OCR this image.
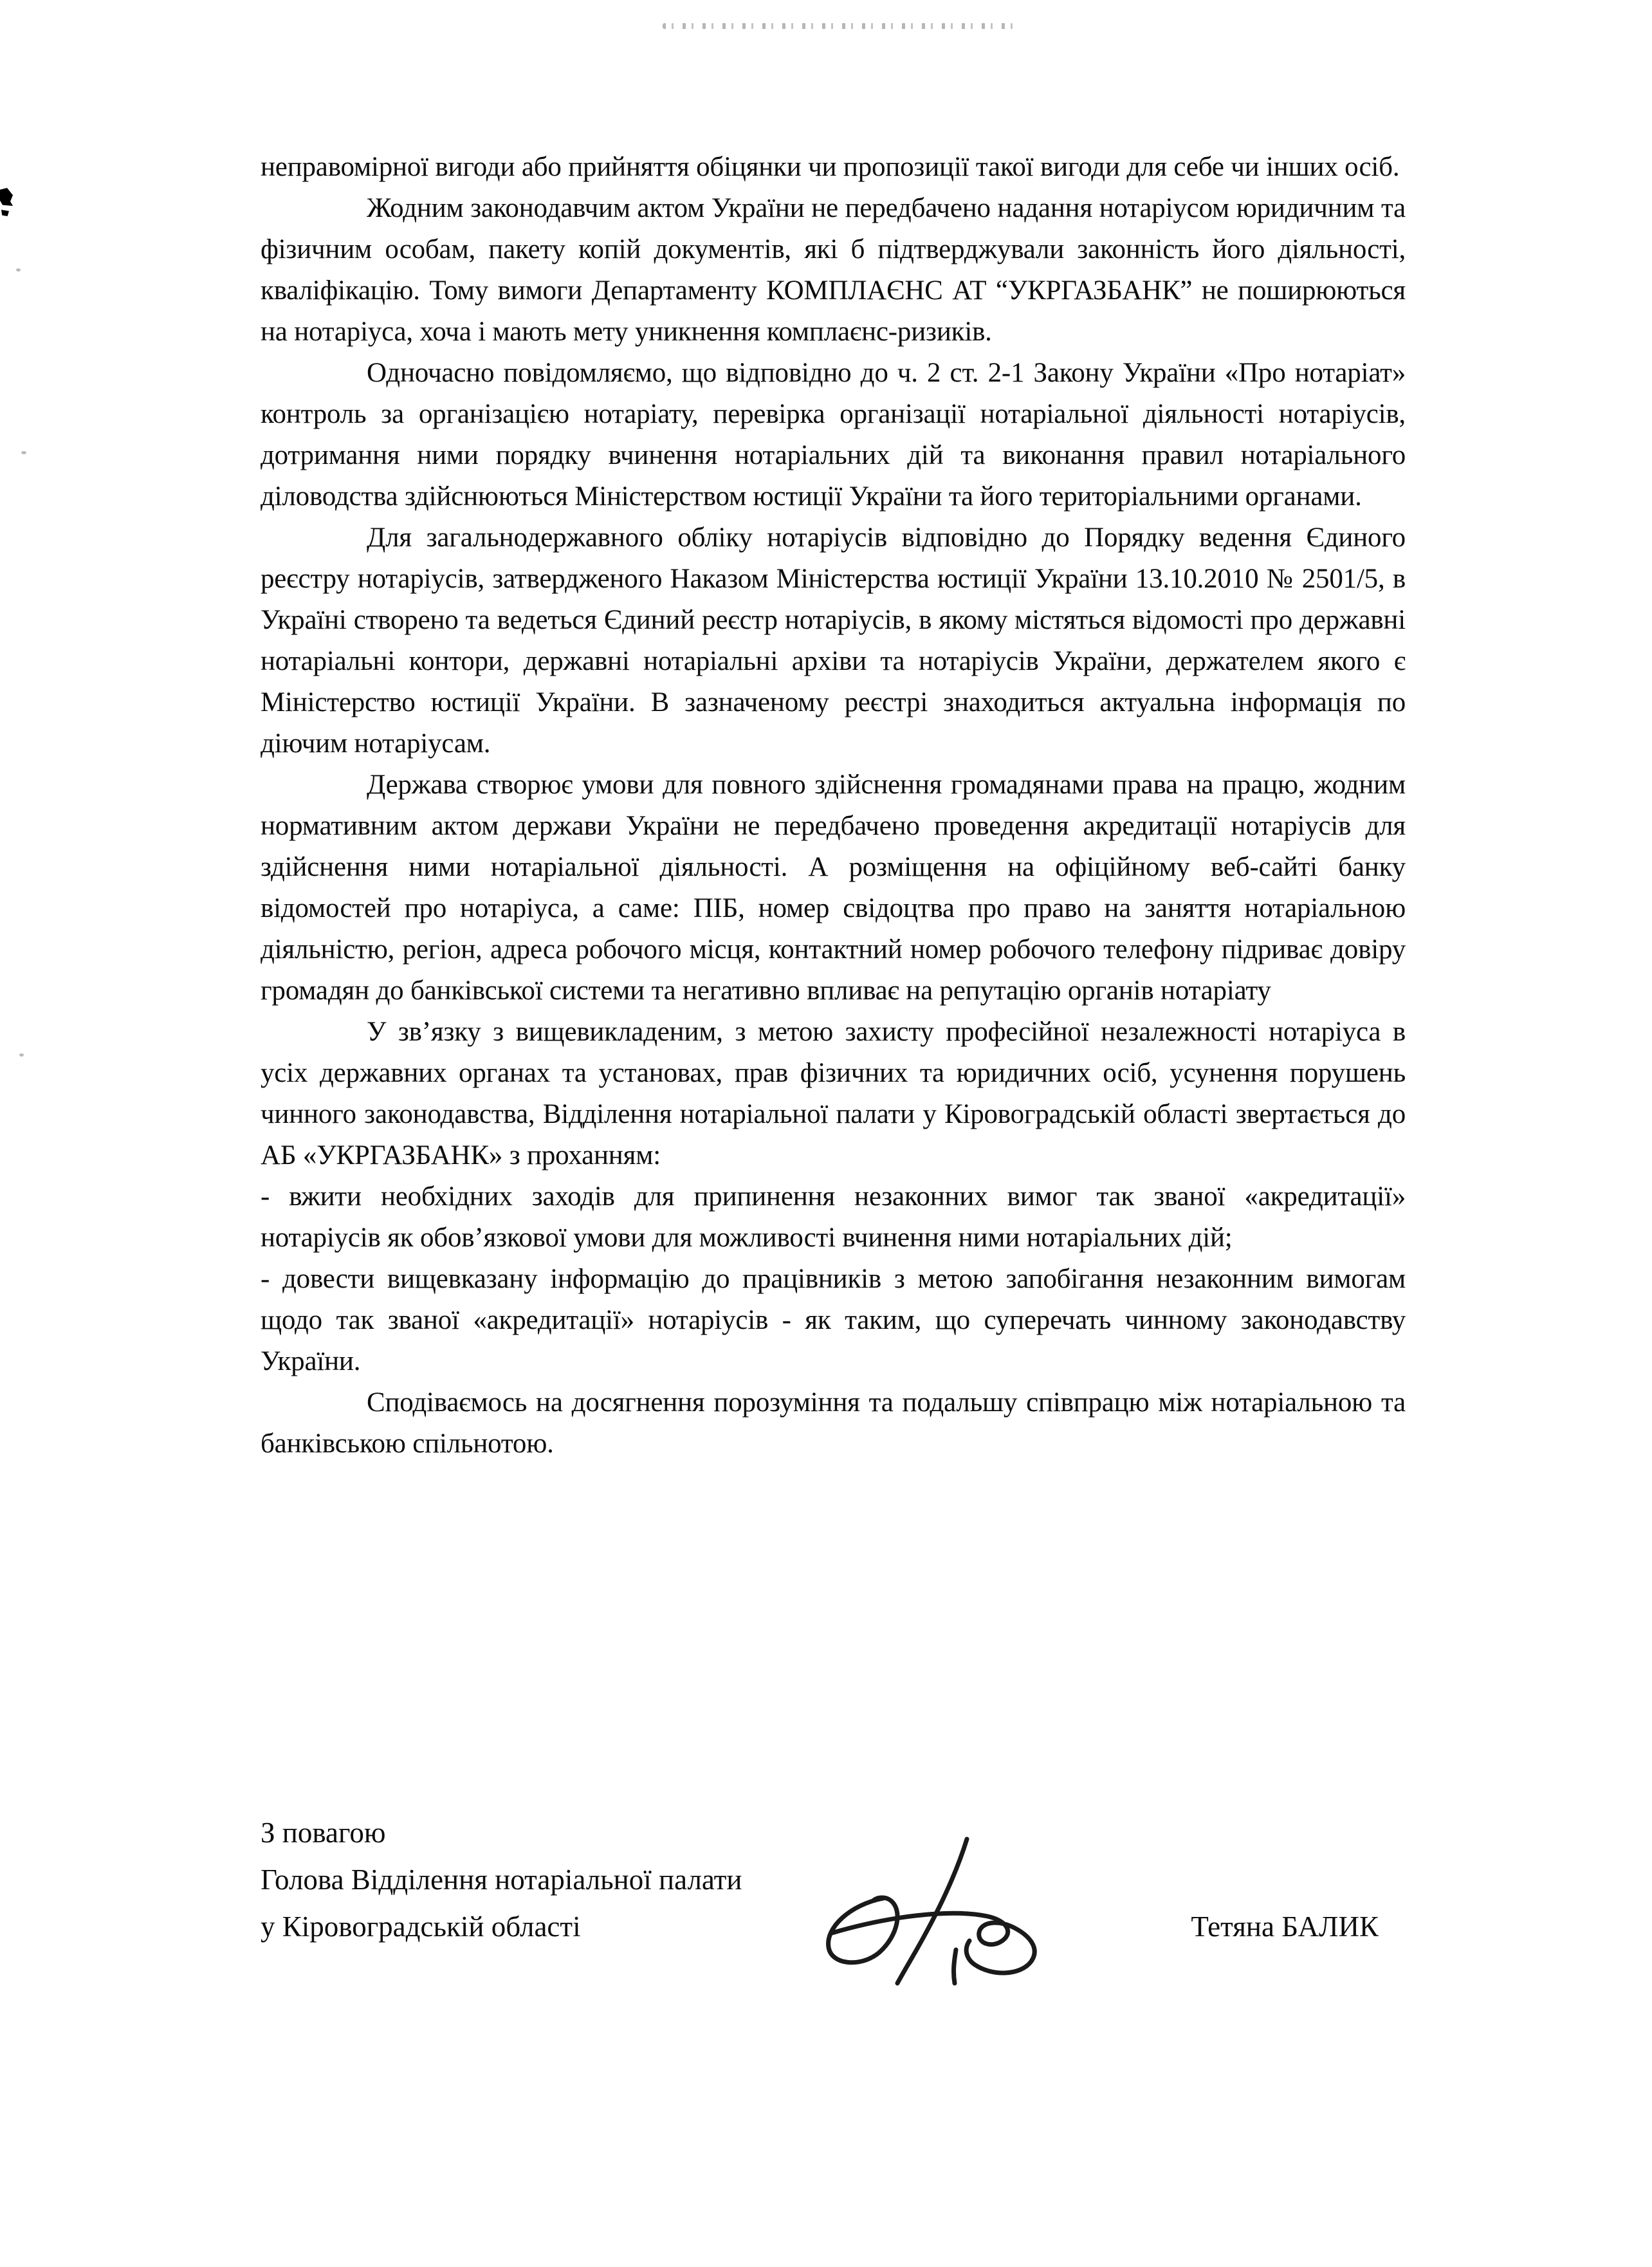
неправомірної вигоди або прийняття обіцянки чи пропозиції такої вигоди для себе чи інших осіб.

Жодним законодавчим актом України не передбачено надання нотаріусом юридичним та фізичним особам, пакету копій документів, які б підтверджували законність його діяльності, кваліфікацію. Тому вимоги Департаменту КОМПЛАЄНС АТ “УКРГАЗБАНК” не поширюються на нотаріуса, хоча і мають мету уникнення комплаєнс-ризиків.

Одночасно повідомляємо, що відповідно до ч. 2 ст. 2-1 Закону України «Про нотаріат» контроль за організацією нотаріату, перевірка організації нотаріальної діяльності нотаріусів, дотримання ними порядку вчинення нотаріальних дій та виконання правил нотаріального діловодства здійснюються Міністерством юстиції України та його територіальними органами.

Для загальнодержавного обліку нотаріусів відповідно до Порядку ведення Єдиного реєстру нотаріусів, затвердженого Наказом Міністерства юстиції України 13.10.2010 № 2501/5, в Україні створено та ведеться Єдиний реєстр нотаріусів, в якому містяться відомості про державні нотаріальні контори, державні нотаріальні архіви та нотаріусів України, держателем якого є Міністерство юстиції України. В зазначеному реєстрі знаходиться актуальна інформація по діючим нотаріусам.

Держава створює умови для повного здійснення громадянами права на працю, жодним нормативним актом держави України не передбачено проведення акредитації нотаріусів для здійснення ними нотаріальної діяльності. А розміщення на офіційному веб-сайті банку відомостей про нотаріуса, а саме: ПІБ, номер свідоцтва про право на заняття нотаріальною діяльністю, регіон, адреса робочого місця, контактний номер робочого телефону підриває довіру громадян до банківської системи та негативно впливає на репутацію органів нотаріату

У зв’язку з вищевикладеним, з метою захисту професійної незалежності нотаріуса в усіх державних органах та установах, прав фізичних та юридичних осіб, усунення порушень чинного законодавства, Відділення нотаріальної палати у Кіровоградській області звертається до АБ «УКРГАЗБАНК» з проханням:

- вжити необхідних заходів для припинення незаконних вимог так званої «акредитації» нотаріусів як обов’язкової умови для можливості вчинення ними нотаріальних дій;

- довести вищевказану інформацію до працівників з метою запобігання незаконним вимогам щодо так званої «акредитації» нотаріусів - як таким, що суперечать чинному законодавству України.

Сподіваємось на досягнення порозуміння та подальшу співпрацю між нотаріальною та банківською спільнотою.

З повагою
Голова Відділення нотаріальної палати
у Кіровоградській області	Тетяна БАЛИК
